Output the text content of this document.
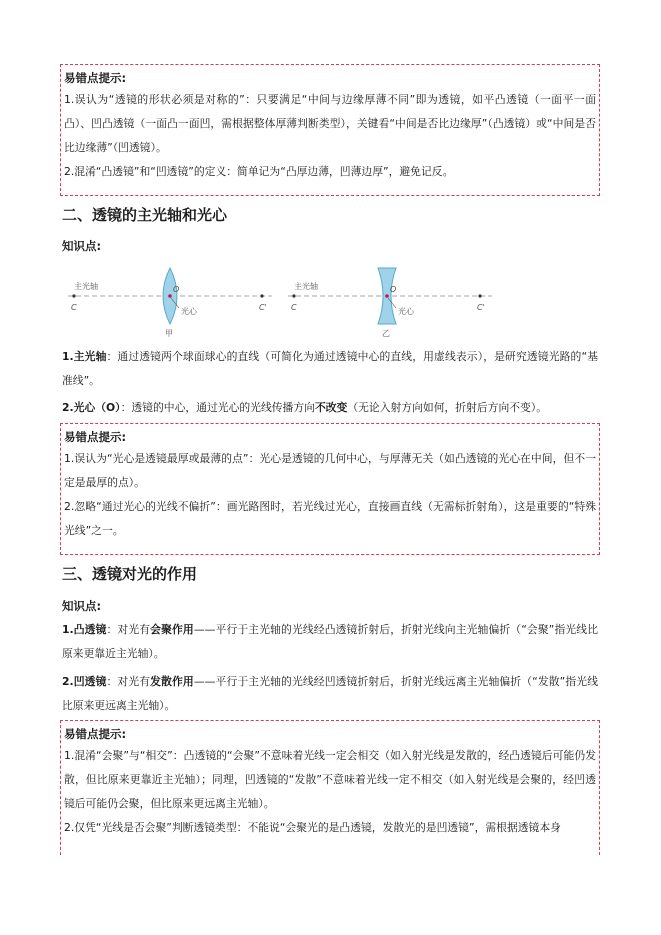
易错点提示:
1.误认为“透镜的形状必须是对称的”：只要满足“中间与边缘厚薄不同”即为透镜，如平凸透镜（一面平一面凸）、凹凸透镜（一面凸一面凹，需根据整体厚薄判断类型），关键看“中间是否比边缘厚”（凸透镜）或“中间是否比边缘薄”（凹透镜）。
2.混淆“凸透镜”和“凹透镜”的定义：简单记为“凸厚边薄，凹薄边厚”，避免记反。
二、透镜的主光轴和光心
知识点:
主光轴
C
O
C'
光心
甲
主光轴
C
O
C'
光心
乙
1.主光轴：通过透镜两个球面球心的直线（可简化为通过透镜中心的直线，用虚线表示），是研究透镜光路的“基准线”。
2.光心（O）：透镜的中心，通过光心的光线传播方向不改变（无论入射方向如何，折射后方向不变）。
易错点提示:
1.误认为“光心是透镜最厚或最薄的点”：光心是透镜的几何中心，与厚薄无关（如凸透镜的光心在中间，但不一定是最厚的点）。
2.忽略“通过光心的光线不偏折”：画光路图时，若光线过光心，直接画直线（无需标折射角），这是重要的“特殊光线”之一。
三、透镜对光的作用
知识点:
1.凸透镜：对光有会聚作用——平行于主光轴的光线经凸透镜折射后，折射光线向主光轴偏折（“会聚”指光线比原来更靠近主光轴）。
2.凹透镜：对光有发散作用——平行于主光轴的光线经凹透镜折射后，折射光线远离主光轴偏折（“发散”指光线比原来更远离主光轴）。
易错点提示:
1.混淆“会聚”与“相交”：凸透镜的“会聚”不意味着光线一定会相交（如入射光线是发散的，经凸透镜后可能仍发散，但比原来更靠近主光轴）；同理，凹透镜的“发散”不意味着光线一定不相交（如入射光线是会聚的，经凹透镜后可能仍会聚，但比原来更远离主光轴）。
2.仅凭“光线是否会聚”判断透镜类型：不能说“会聚光的是凸透镜，发散光的是凹透镜”，需根据透镜本身
